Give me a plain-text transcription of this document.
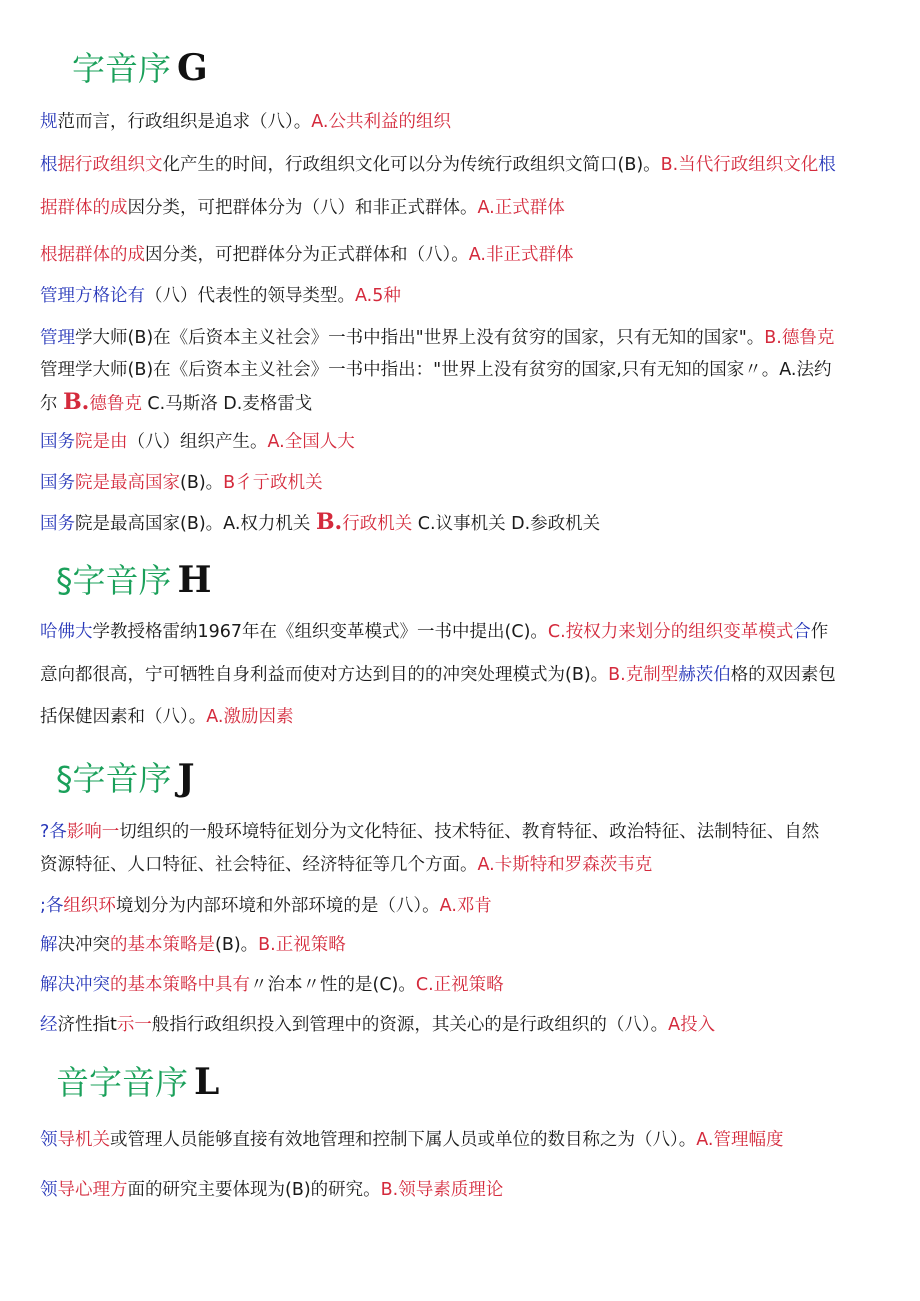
字音序 G
规范而言，行政组织是追求（八）。A.公共利益的组织
根据行政组织文化产生的时间，行政组织文化可以分为传统行政组织文简口(B)。B.当代行政组织文化根
据群体的成因分类，可把群体分为（八）和非正式群体。A.正式群体
根据群体的成因分类，可把群体分为正式群体和（八）。A.非正式群体
管理方格论有（八）代表性的领导类型。A.5种
管理学大师(B)在《后资本主义社会》一书中指出"世界上没有贫穷的国家，只有无知的国家"。B.德鲁克
管理学大师(B)在《后资本主义社会》一书中指出："世界上没有贫穷的国家,只有无知的国家〃。A.法约
尔 B.德鲁克 C.马斯洛 D.麦格雷戈
国务院是由（八）组织产生。A.全国人大
国务院是最高国家(B)。B彳亍政机关
国务院是最高国家(B)。A.权力机关 B.行政机关 C.议事机关 D.参政机关
§字音序 H
哈佛大学教授格雷纳1967年在《组织变革模式》一书中提出(C)。C.按权力来划分的组织变革模式合作
意向都很高，宁可牺牲自身利益而使对方达到目的的冲突处理模式为(B)。B.克制型赫茨伯格的双因素包
括保健因素和（八）。A.激励因素
§字音序 J
?各影响一切组织的一般环境特征划分为文化特征、技术特征、教育特征、政治特征、法制特征、自然
资源特征、人口特征、社会特征、经济特征等几个方面。A.卡斯特和罗森茨韦克
;各组织环境划分为内部环境和外部环境的是（八）。A.邓肯
解决冲突的基本策略是(B)。B.正视策略
解决冲突的基本策略中具有〃治本〃性的是(C)。C.正视策略
经济性指t示一般指行政组织投入到管理中的资源，其关心的是行政组织的（八）。A投入
音字音序 L
领导机关或管理人员能够直接有效地管理和控制下属人员或单位的数目称之为（八）。A.管理幅度
领导心理方面的研究主要体现为(B)的研究。B.领导素质理论
